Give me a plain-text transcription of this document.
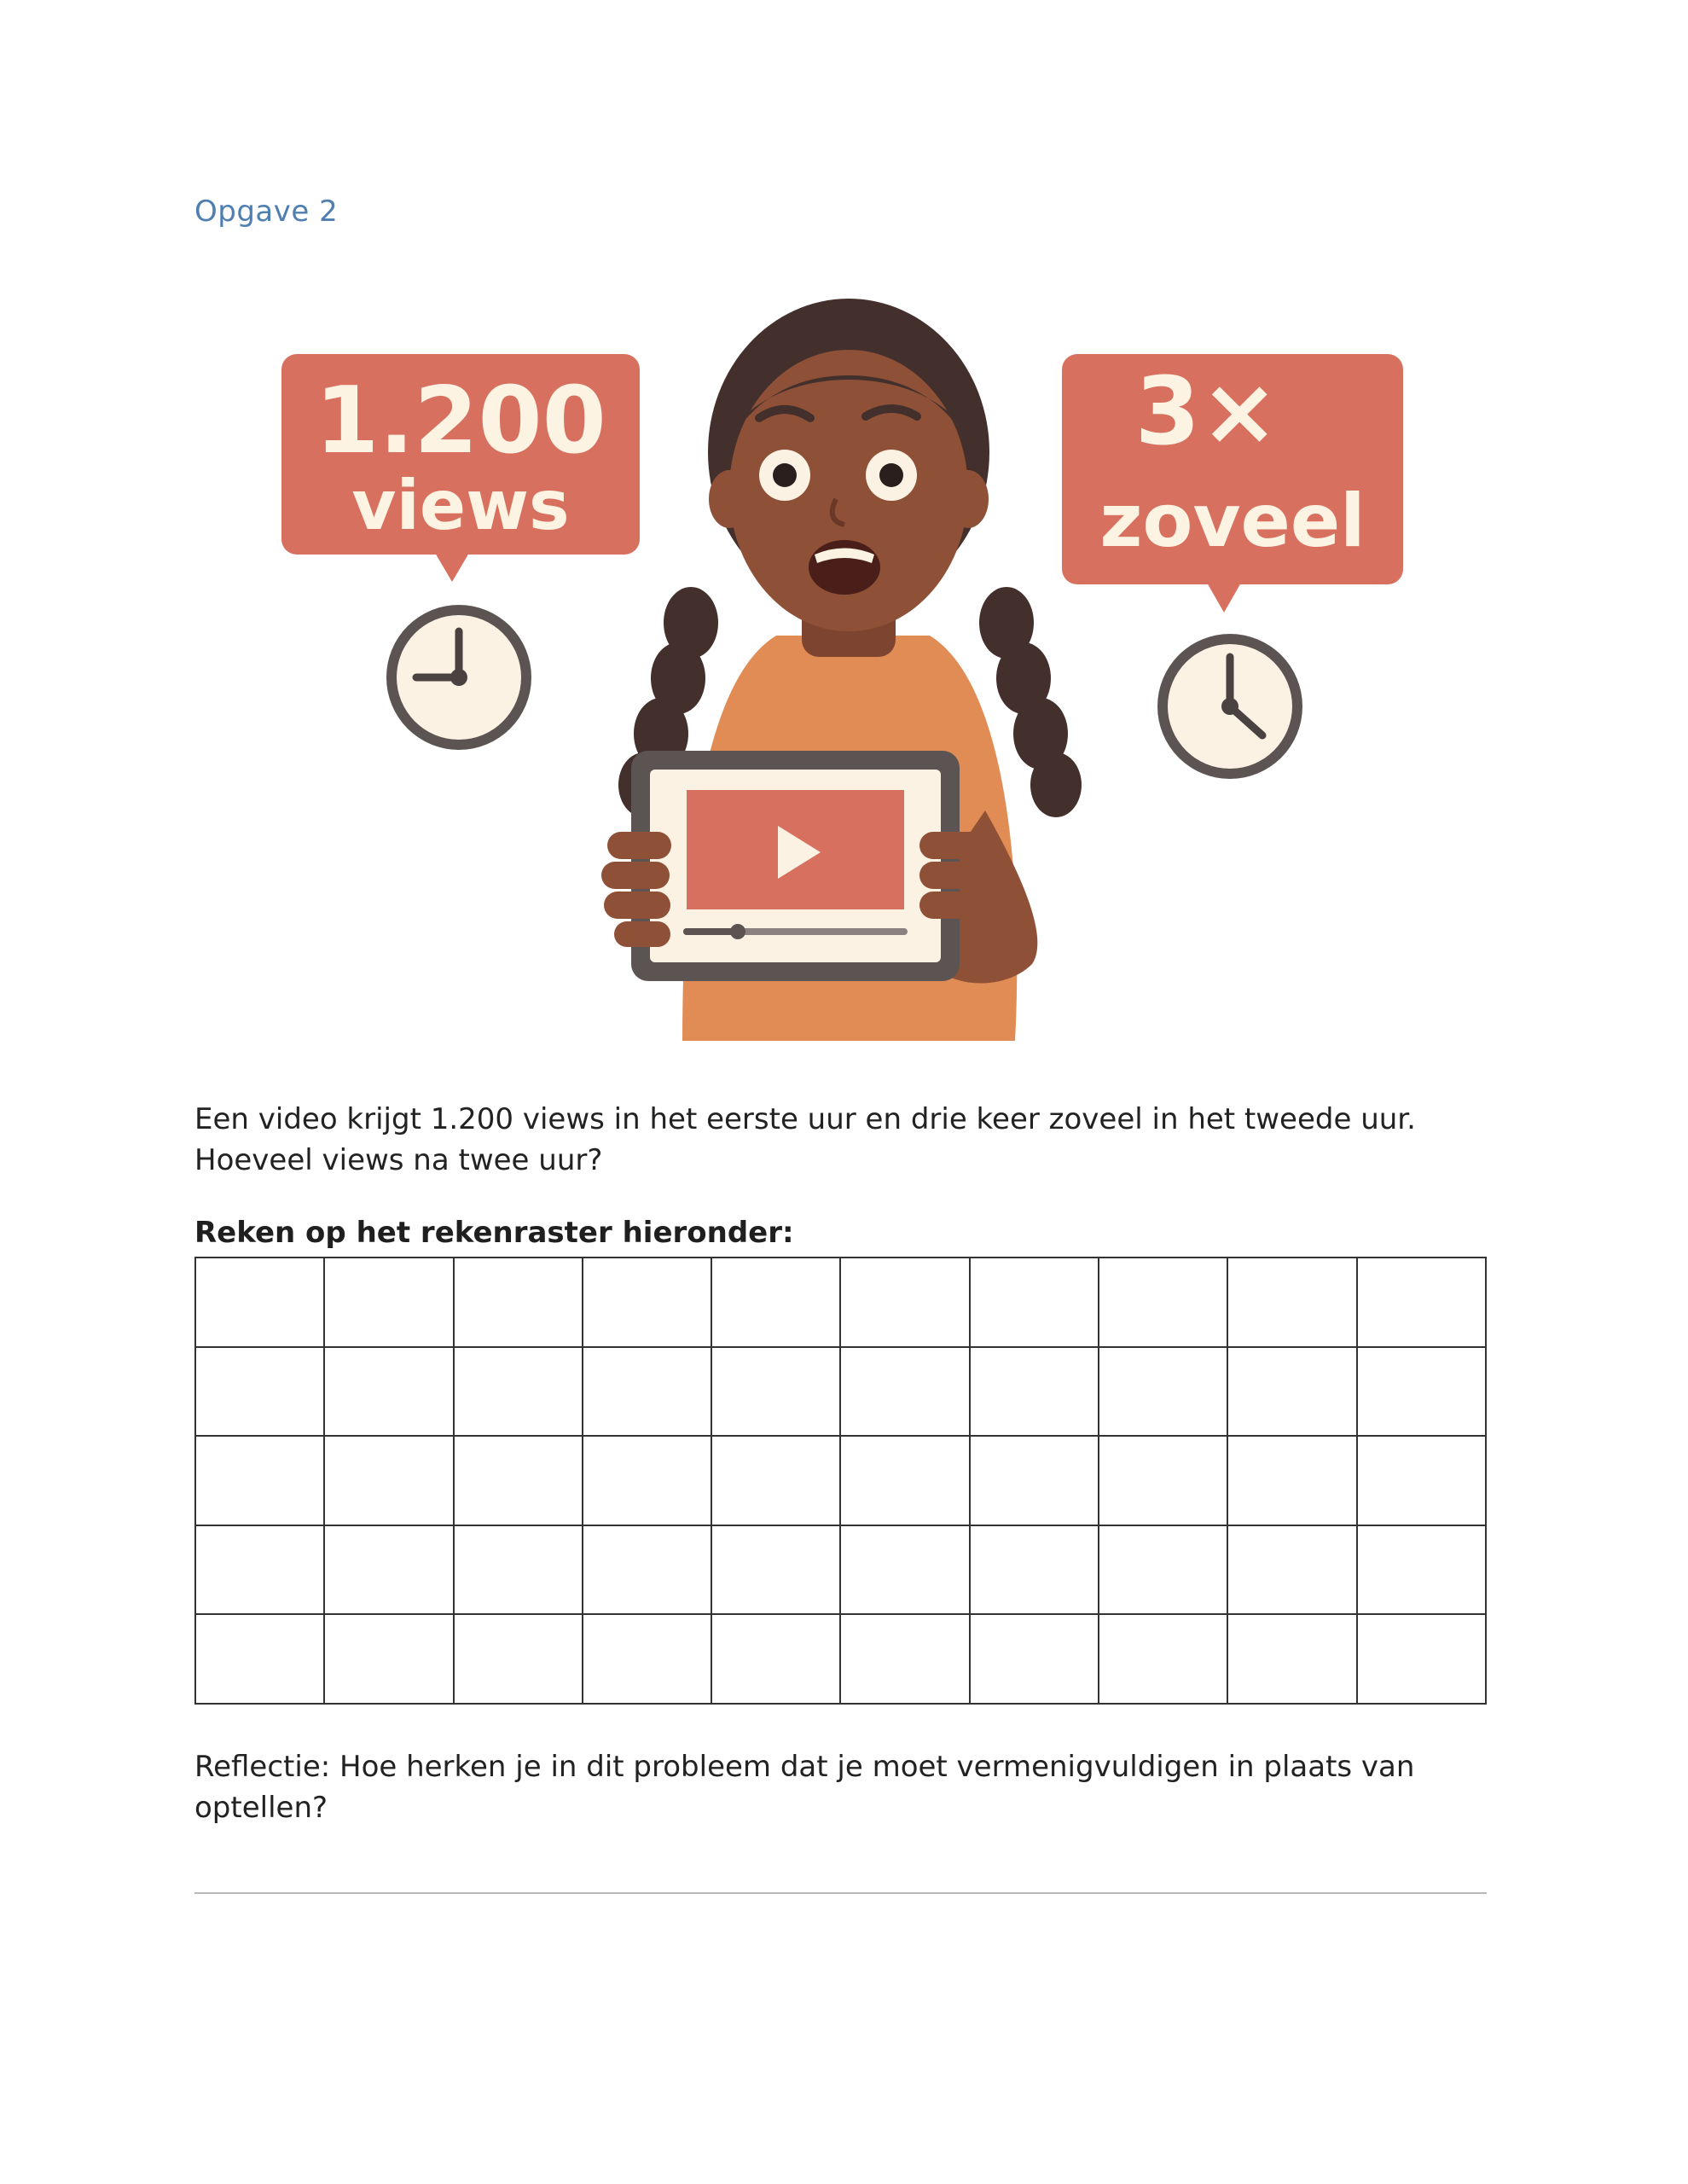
Opgave 2
1.200
views
3×
zoveel
Een video krijgt 1.200 views in het eerste uur en drie keer zoveel in het tweede uur. Hoeveel views na twee uur?
Reken op het rekenraster hieronder:

Reflectie: Hoe herken je in dit probleem dat je moet vermenigvuldigen in plaats van optellen?
